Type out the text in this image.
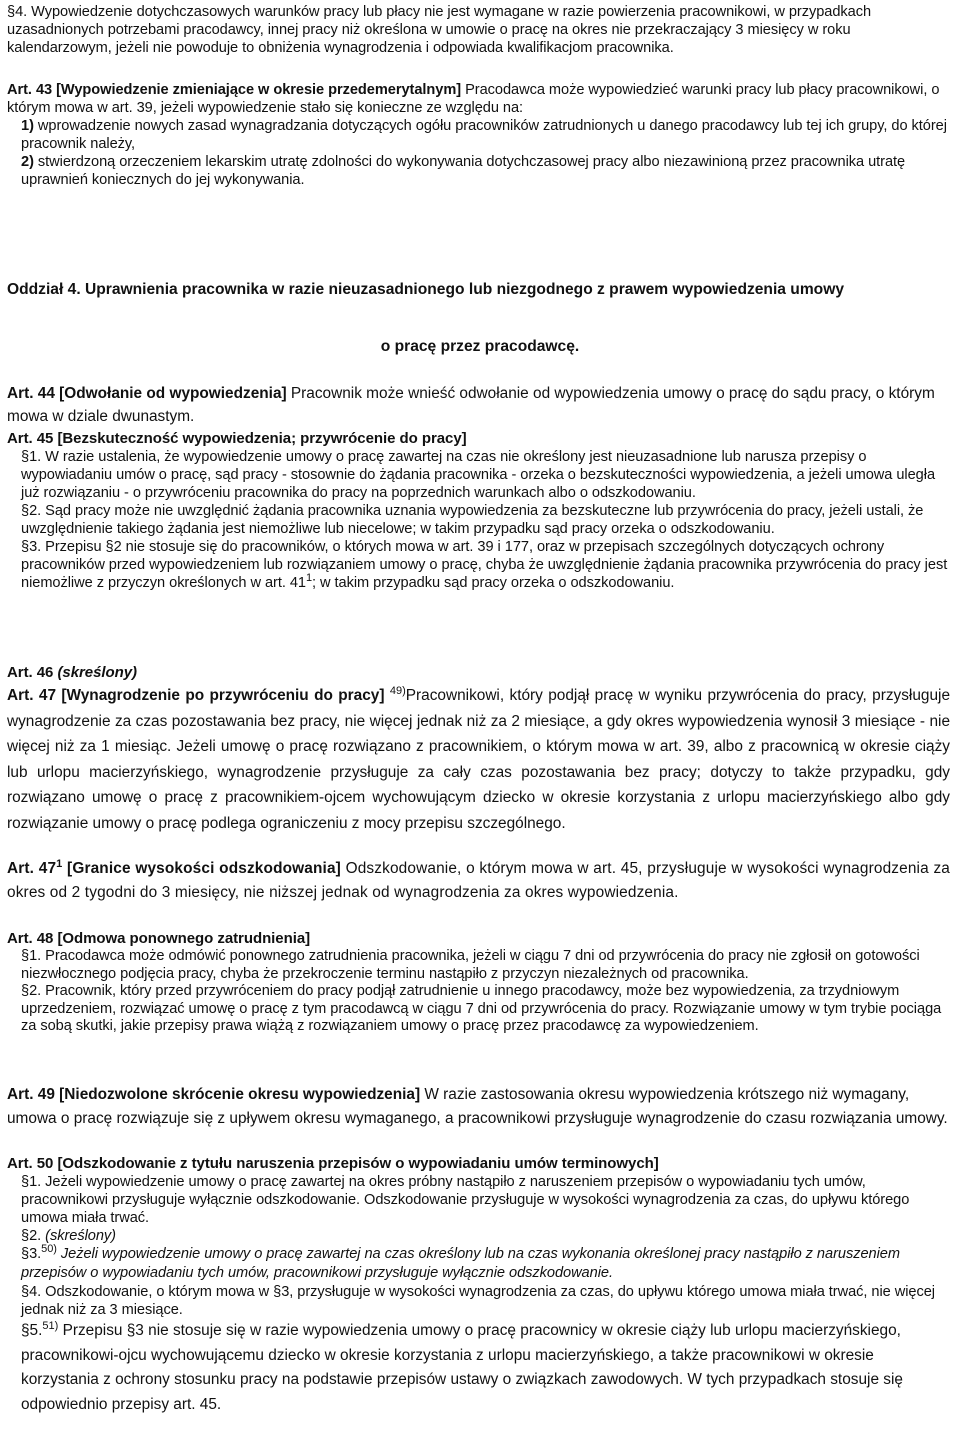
§4. Wypowiedzenie dotychczasowych warunków pracy lub płacy nie jest wymagane w razie powierzenia pracownikowi, w przypadkach uzasadnionych potrzebami pracodawcy, innej pracy niż określona w umowie o pracę na okres nie przekraczający 3 miesięcy w roku kalendarzowym, jeżeli nie powoduje to obniżenia wynagrodzenia i odpowiada kwalifikacjom pracownika.

Art. 43 [Wypowiedzenie zmieniające w okresie przedemerytalnym] Pracodawca może wypowiedzieć warunki pracy lub płacy pracownikowi, o którym mowa w art. 39, jeżeli wypowiedzenie stało się konieczne ze względu na:

1) wprowadzenie nowych zasad wynagradzania dotyczących ogółu pracowników zatrudnionych u danego pracodawcy lub tej ich grupy, do której pracownik należy,

2) stwierdzoną orzeczeniem lekarskim utratę zdolności do wykonywania dotychczasowej pracy albo niezawinioną przez pracownika utratę uprawnień koniecznych do jej wykonywania.

Oddział 4. Uprawnienia pracownika w razie nieuzasadnionego lub niezgodnego z prawem wypowiedzenia umowy

o pracę przez pracodawcę.

Art. 44 [Odwołanie od wypowiedzenia] Pracownik może wnieść odwołanie od wypowiedzenia umowy o pracę do sądu pracy, o którym mowa w dziale dwunastym.

Art. 45 [Bezskuteczność wypowiedzenia; przywrócenie do pracy]

§1. W razie ustalenia, że wypowiedzenie umowy o pracę zawartej na czas nie określony jest nieuzasadnione lub narusza przepisy o wypowiadaniu umów o pracę, sąd pracy - stosownie do żądania pracownika - orzeka o bezskuteczności wypowiedzenia, a jeżeli umowa uległa już rozwiązaniu - o przywróceniu pracownika do pracy na poprzednich warunkach albo o odszkodowaniu.

§2. Sąd pracy może nie uwzględnić żądania pracownika uznania wypowiedzenia za bezskuteczne lub przywrócenia do pracy, jeżeli ustali, że uwzględnienie takiego żądania jest niemożliwe lub niecelowe; w takim przypadku sąd pracy orzeka o odszkodowaniu.

§3. Przepisu §2 nie stosuje się do pracowników, o których mowa w art. 39 i 177, oraz w przepisach szczególnych dotyczących ochrony pracowników przed wypowiedzeniem lub rozwiązaniem umowy o pracę, chyba że uwzględnienie żądania pracownika przywrócenia do pracy jest niemożliwe z przyczyn określonych w art. $41^1$; w takim przypadku sąd pracy orzeka o odszkodowaniu.

Art. 46 (skreślony)

Art. 47 [Wynagrodzenie po przywróceniu do pracy] $^{49)}$Pracownikowi, który podjął pracę w wyniku przywrócenia do pracy, przysługuje wynagrodzenie za czas pozostawania bez pracy, nie więcej jednak niż za 2 miesiące, a gdy okres wypowiedzenia wynosił 3 miesiące - nie więcej niż za 1 miesiąc. Jeżeli umowę o pracę rozwiązano z pracownikiem, o którym mowa w art. 39, albo z pracownicą w okresie ciąży lub urlopu macierzyńskiego, wynagrodzenie przysługuje za cały czas pozostawania bez pracy; dotyczy to także przypadku, gdy rozwiązano umowę o pracę z pracownikiem-ojcem wychowującym dziecko w okresie korzystania z urlopu macierzyńskiego albo gdy rozwiązanie umowy o pracę podlega ograniczeniu z mocy przepisu szczególnego.

Art. $47^1$ [Granice wysokości odszkodowania] Odszkodowanie, o którym mowa w art. 45, przysługuje w wysokości wynagrodzenia za okres od 2 tygodni do 3 miesięcy, nie niższej jednak od wynagrodzenia za okres wypowiedzenia.

Art. 48 [Odmowa ponownego zatrudnienia]

§1. Pracodawca może odmówić ponownego zatrudnienia pracownika, jeżeli w ciągu 7 dni od przywrócenia do pracy nie zgłosił on gotowości niezwłocznego podjęcia pracy, chyba że przekroczenie terminu nastąpiło z przyczyn niezależnych od pracownika.

§2. Pracownik, który przed przywróceniem do pracy podjął zatrudnienie u innego pracodawcy, może bez wypowiedzenia, za trzydniowym uprzedzeniem, rozwiązać umowę o pracę z tym pracodawcą w ciągu 7 dni od przywrócenia do pracy. Rozwiązanie umowy w tym trybie pociąga za sobą skutki, jakie przepisy prawa wiążą z rozwiązaniem umowy o pracę przez pracodawcę za wypowiedzeniem.

Art. 49 [Niedozwolone skrócenie okresu wypowiedzenia] W razie zastosowania okresu wypowiedzenia krótszego niż wymagany, umowa o pracę rozwiązuje się z upływem okresu wymaganego, a pracownikowi przysługuje wynagrodzenie do czasu rozwiązania umowy.

Art. 50 [Odszkodowanie z tytułu naruszenia przepisów o wypowiadaniu umów terminowych]

§1. Jeżeli wypowiedzenie umowy o pracę zawartej na okres próbny nastąpiło z naruszeniem przepisów o wypowiadaniu tych umów, pracownikowi przysługuje wyłącznie odszkodowanie. Odszkodowanie przysługuje w wysokości wynagrodzenia za czas, do upływu którego umowa miała trwać.

§2. (skreślony)

§3.$^{50)}$ Jeżeli wypowiedzenie umowy o pracę zawartej na czas określony lub na czas wykonania określonej pracy nastąpiło z naruszeniem przepisów o wypowiadaniu tych umów, pracownikowi przysługuje wyłącznie odszkodowanie.

§4. Odszkodowanie, o którym mowa w §3, przysługuje w wysokości wynagrodzenia za czas, do upływu którego umowa miała trwać, nie więcej jednak niż za 3 miesiące.

§5.$^{51)}$ Przepisu §3 nie stosuje się w razie wypowiedzenia umowy o pracę pracownicy w okresie ciąży lub urlopu macierzyńskiego, pracownikowi-ojcu wychowującemu dziecko w okresie korzystania z urlopu macierzyńskiego, a także pracownikowi w okresie korzystania z ochrony stosunku pracy na podstawie przepisów ustawy o związkach zawodowych. W tych przypadkach stosuje się odpowiednio przepisy art. 45.
